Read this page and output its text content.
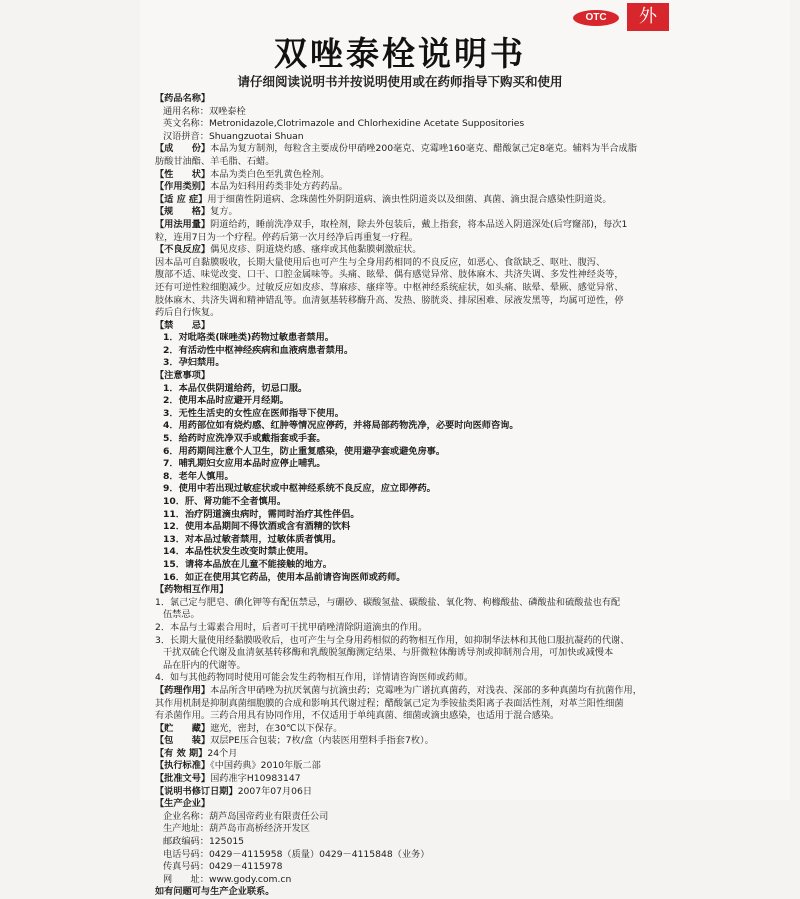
OTC	外
双唑泰栓说明书
请仔细阅读说明书并按说明使用或在药师指导下购买和使用
【药品名称】
通用名称：双唑泰栓
英文名称：Metronidazole,Clotrimazole and Chlorhexidine Acetate Suppositories
汉语拼音：Shuangzuotai Shuan
【成　　份】本品为复方制剂，每粒含主要成份甲硝唑200毫克、克霉唑160毫克、醋酸氯己定8毫克。辅料为半合成脂
肪酸甘油酯、羊毛脂、石蜡。
【性　　状】本品为类白色至乳黄色栓剂。
【作用类别】本品为妇科用药类非处方药药品。
【适 应 症】用于细菌性阴道病、念珠菌性外阴阴道病、滴虫性阴道炎以及细菌、真菌、滴虫混合感染性阴道炎。
【规　　格】复方。
【用法用量】阴道给药，睡前洗净双手，取栓剂，除去外包装后，戴上指套，将本品送入阴道深处(后穹窿部)，每次1
粒，连用7日为一个疗程。停药后第一次月经净后再重复一疗程。
【不良反应】偶见皮疹、阴道烧灼感、瘙痒或其他黏膜刺激症状。
因本品可自黏膜吸收，长期大量使用后也可产生与全身用药相同的不良反应，如恶心、食欲缺乏、呕吐、腹泻、
腹部不适、味觉改变、口干、口腔金属味等。头痛、眩晕、偶有感觉异常、肢体麻木、共济失调、多发性神经炎等，
还有可逆性粒细胞减少。过敏反应如皮疹、荨麻疹、瘙痒等。中枢神经系统症状，如头痛、眩晕、晕厥、感觉异常、
肢体麻木、共济失调和精神错乱等。血清氨基转移酶升高、发热、膀胱炎、排尿困难、尿液发黑等，均属可逆性，停
药后自行恢复。
【禁　　忌】
1．对吡咯类(咪唑类)药物过敏患者禁用。
2．有活动性中枢神经疾病和血液病患者禁用。
3．孕妇禁用。
【注意事项】
1．本品仅供阴道给药，切忌口服。
2．使用本品时应避开月经期。
3．无性生活史的女性应在医师指导下使用。
4．用药部位如有烧灼感、红肿等情况应停药，并将局部药物洗净，必要时向医师咨询。
5．给药时应洗净双手或戴指套或手套。
6．用药期间注意个人卫生，防止重复感染，使用避孕套或避免房事。
7．哺乳期妇女应用本品时应停止哺乳。
8．老年人慎用。
9．使用中若出现过敏症状或中枢神经系统不良反应，应立即停药。
10．肝、肾功能不全者慎用。
11．治疗阴道滴虫病时，需同时治疗其性伴侣。
12．使用本品期间不得饮酒或含有酒精的饮料
13．对本品过敏者禁用，过敏体质者慎用。
14．本品性状发生改变时禁止使用。
15．请将本品放在儿童不能接触的地方。
16．如正在使用其它药品，使用本品前请咨询医师或药师。
【药物相互作用】
1．氯己定与肥皂、碘化钾等有配伍禁忌，与硼砂、碳酸氢盐、碳酸盐、氧化物、枸橼酸盐、磷酸盐和硫酸盐也有配
伍禁忌。
2．本品与土霉素合用时，后者可干扰甲硝唑清除阴道滴虫的作用。
3．长期大量使用经黏膜吸收后，也可产生与全身用药相似的药物相互作用，如抑制华法林和其他口服抗凝药的代谢、
干扰双硫仑代谢及血清氨基转移酶和乳酸脱氢酶测定结果、与肝微粒体酶诱导剂或抑制剂合用，可加快或减慢本
品在肝内的代谢等。
4．如与其他药物同时使用可能会发生药物相互作用，详情请咨询医师或药师。
【药理作用】本品所含甲硝唑为抗厌氧菌与抗滴虫药；克霉唑为广谱抗真菌药，对浅表、深部的多种真菌均有抗菌作用，
其作用机制是抑制真菌细胞膜的合成和影响其代谢过程；醋酸氯己定为季铵盐类阳离子表面活性剂，对革兰阳性细菌
有杀菌作用。三药合用具有协同作用，不仅适用于单纯真菌、细菌或滴虫感染，也适用于混合感染。
【贮　　藏】遮光，密封，在30℃以下保存。
【包　　装】双层PE压合包装；7枚/盒（内装医用塑料手指套7枚）。
【有 效 期】24个月
【执行标准】《中国药典》2010年版二部
【批准文号】国药准字H10983147
【说明书修订日期】2007年07月06日
【生产企业】
企业名称：葫芦岛国帝药业有限责任公司
生产地址：葫芦岛市高桥经济开发区
邮政编码：125015
电话号码：0429－4115958（质量）0429－4115848（业务）
传真号码：0429－4115978
网　　址：www.gody.com.cn
如有问题可与生产企业联系。
